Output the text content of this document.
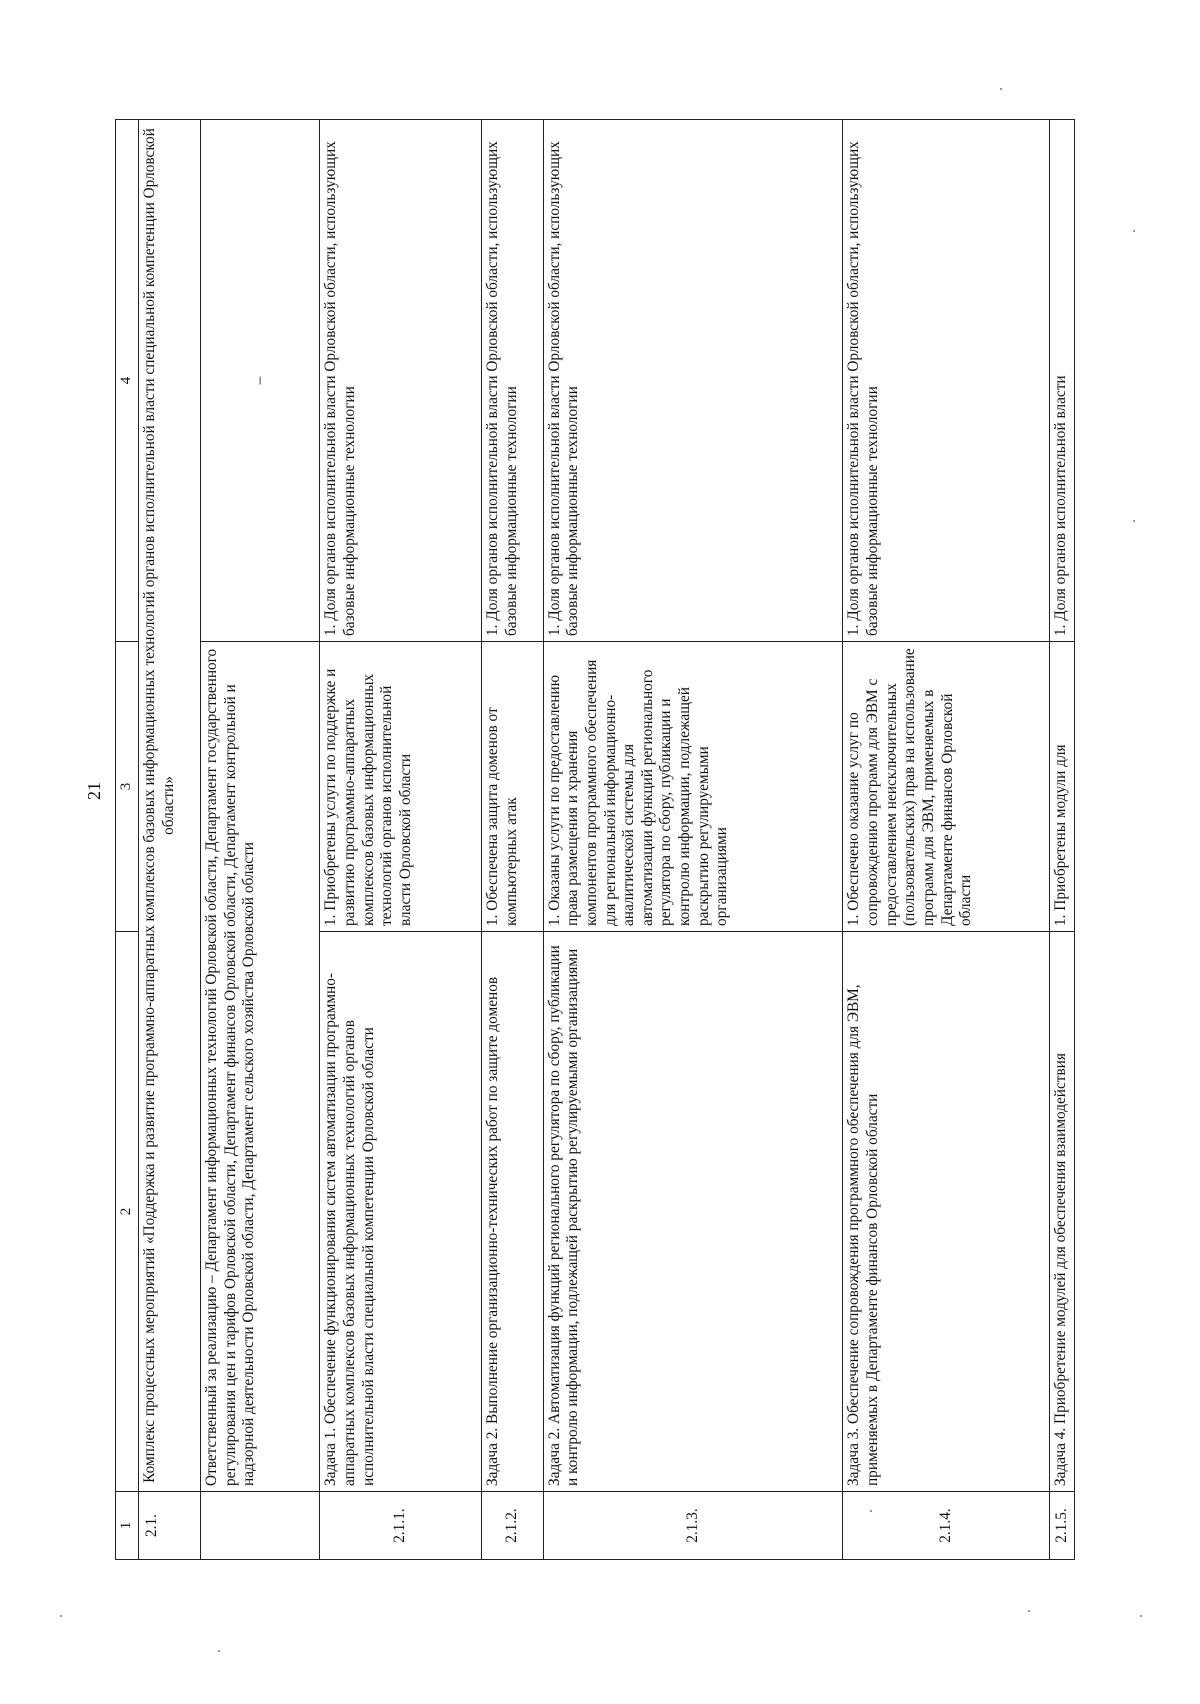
21
1	2	3	4
2.1.	Комплекс процессных мероприятий «Поддержка и развитие программно-аппаратных комплексов базовых информационных технологий органов исполнительной власти специальной компетенции Орловской области»		
	Ответственный за реализацию – Департамент информационных технологий Орловской области, Департамент государственного регулирования цен и тарифов Орловской области, Департамент финансов Орловской области, Департамент контрольной и надзорной деятельности Орловской области, Департамент сельского хозяйства Орловской области		–
2.1.1.	Задача 1. Обеспечение функционирования систем автоматизации программно-аппаратных комплексов базовых информационных технологий органов исполнительной власти специальной компетенции Орловской области	1. Приобретены услуги по поддержке и развитию программно-аппаратных комплексов базовых информационных технологий органов исполнительной власти Орловской области	1. Доля органов исполнительной власти Орловской области, использующих базовые информационные технологии
2.1.2.	Задача 2. Выполнение организационно-технических работ по защите доменов	1. Обеспечена защита доменов от компьютерных атак	1. Доля органов исполнительной власти Орловской области, использующих базовые информационные технологии
2.1.3.	Задача 2. Автоматизация функций регионального регулятора по сбору, публикации и контролю информации, подлежащей раскрытию регулируемыми организациями	1. Оказаны услуги по предоставлению права размещения и хранения компонентов программного обеспечения для региональной информационно-аналитической системы для автоматизации функций регионального регулятора по сбору, публикации и контролю информации, подлежащей раскрытию регулируемыми организациями	1. Доля органов исполнительной власти Орловской области, использующих базовые информационные технологии
2.1.4.	Задача 3. Обеспечение сопровождения программного обеспечения для ЭВМ, применяемых в Департаменте финансов Орловской области	1. Обеспечено оказание услуг по сопровождению программ для ЭВМ с предоставлением неисключительных (пользовательских) прав на использование программ для ЭВМ, применяемых в Департаменте финансов Орловской области	1. Доля органов исполнительной власти Орловской области, использующих базовые информационные технологии
2.1.5.	Задача 4. Приобретение модулей для обеспечения взаимодействия	1. Приобретены модули для	1. Доля органов исполнительной власти
